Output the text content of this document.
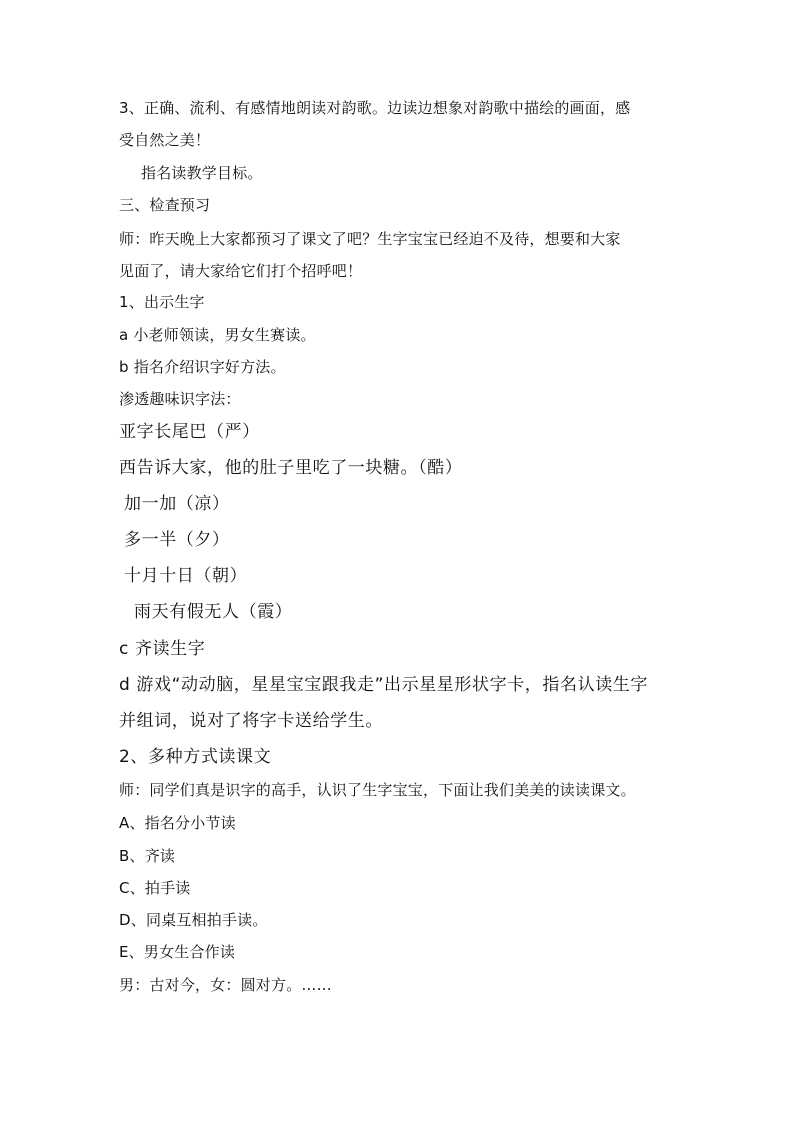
3、正确、流利、有感情地朗读对韵歌。边读边想象对韵歌中描绘的画面，感
受自然之美！
指名读教学目标。
三、检查预习
师：昨天晚上大家都预习了课文了吧？生字宝宝已经迫不及待，想要和大家
见面了，请大家给它们打个招呼吧！
1、出示生字
a 小老师领读，男女生赛读。
b 指名介绍识字好方法。
渗透趣味识字法：
亚字长尾巴（严）
西告诉大家，他的肚子里吃了一块糖。（酷）
加一加（凉）
多一半（夕）
十月十日（朝）
雨天有假无人（霞）
c 齐读生字
d 游戏“动动脑，星星宝宝跟我走”出示星星形状字卡，指名认读生字
并组词，说对了将字卡送给学生。
2、多种方式读课文
师：同学们真是识字的高手，认识了生字宝宝，下面让我们美美的读读课文。
A、指名分小节读
B、齐读
C、拍手读
D、同桌互相拍手读。
E、男女生合作读
男：古对今，女：圆对方。……
